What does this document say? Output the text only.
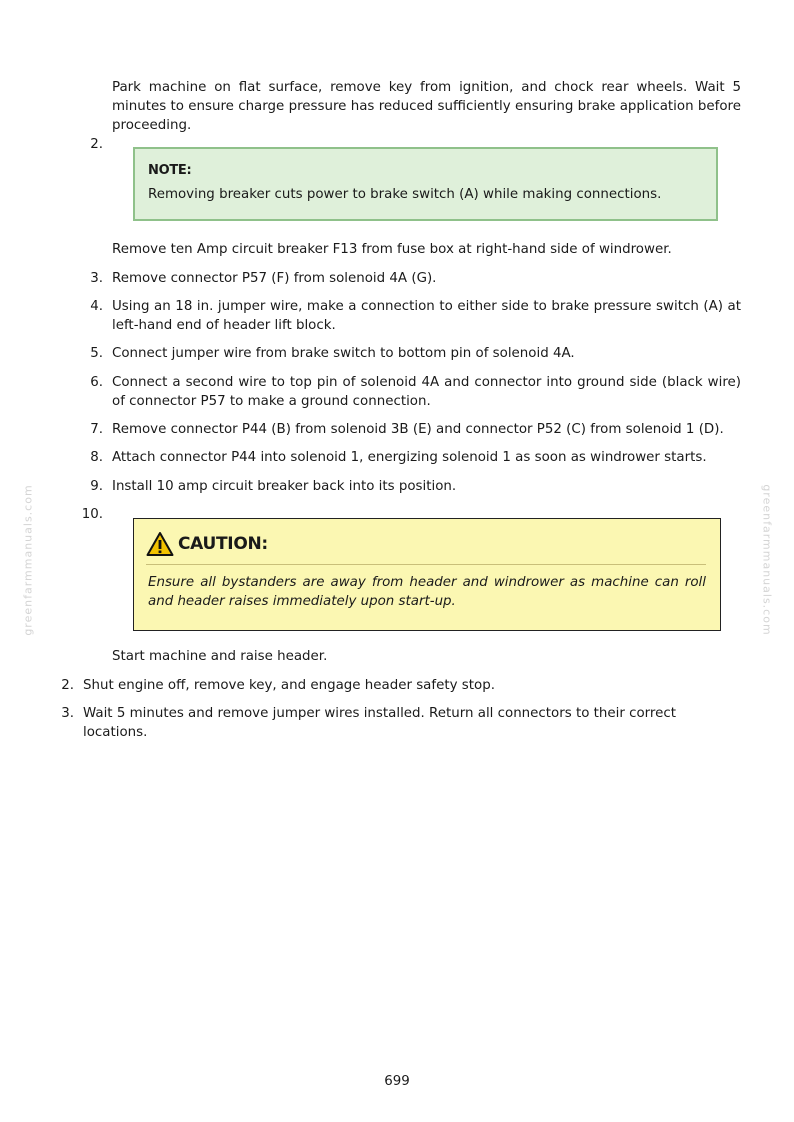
greenfarmmanuals.com	greenfarmmanuals.com

Park machine on flat surface, remove key from ignition, and chock rear wheels. Wait 5 minutes to ensure charge pressure has reduced sufficiently ensuring brake application before proceeding.

2.
NOTE:
Removing breaker cuts power to brake switch (A) while making connections.

Remove ten Amp circuit breaker F13 from fuse box at right-hand side of windrower.

3. Remove connector P57 (F) from solenoid 4A (G).

4. Using an 18 in. jumper wire, make a connection to either side to brake pressure switch (A) at left-hand end of header lift block.

5. Connect jumper wire from brake switch to bottom pin of solenoid 4A.

6. Connect a second wire to top pin of solenoid 4A and connector into ground side (black wire) of connector P57 to make a ground connection.

7. Remove connector P44 (B) from solenoid 3B (E) and connector P52 (C) from solenoid 1 (D).

8. Attach connector P44 into solenoid 1, energizing solenoid 1 as soon as windrower starts.

9. Install 10 amp circuit breaker back into its position.

10.
CAUTION:
Ensure all bystanders are away from header and windrower as machine can roll and header raises immediately upon start-up.

Start machine and raise header.

2. Shut engine off, remove key, and engage header safety stop.

3. Wait 5 minutes and remove jumper wires installed. Return all connectors to their correct locations.

699
